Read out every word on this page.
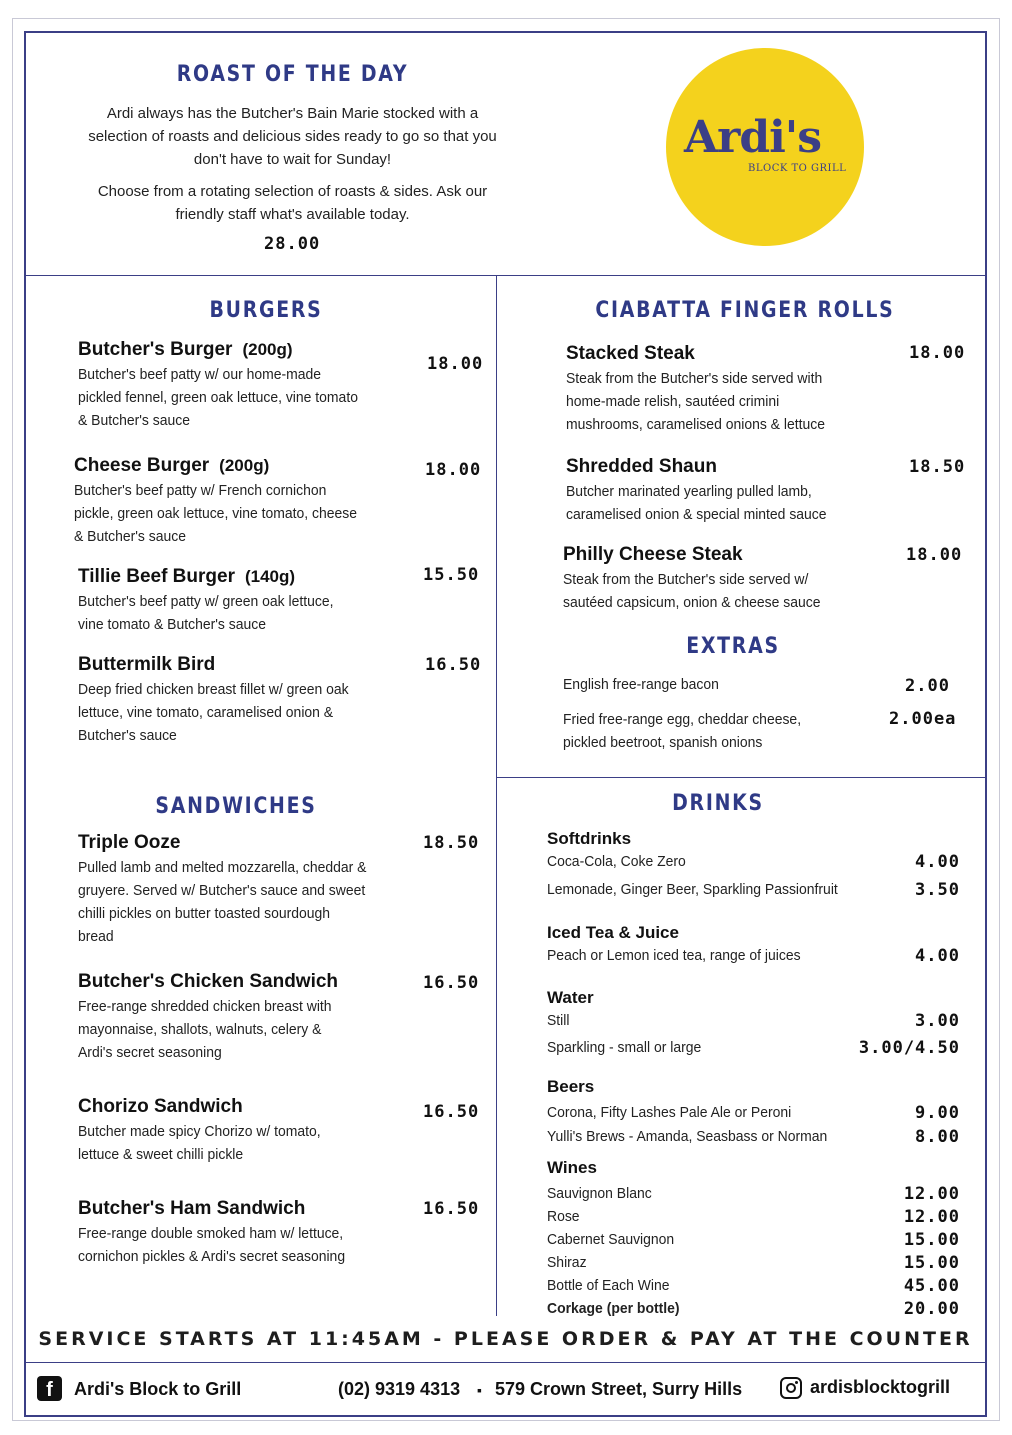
ROAST OF THE DAY
Ardi always has the Butcher's Bain Marie stocked with a
selection of roasts and delicious sides ready to go so that you
don't have to wait for Sunday!
Choose from a rotating selection of roasts & sides. Ask our
friendly staff what's available today.
28.00
Ardi's
BLOCK TO GRILL
BURGERS
Butcher's Burger (200g)
18.00
Butcher's beef patty w/ our home-made
pickled fennel, green oak lettuce, vine tomato
& Butcher's sauce
Cheese Burger (200g)	18.00
Butcher's beef patty w/ French cornichon
pickle, green oak lettuce, vine tomato, cheese
& Butcher's sauce
Tillie Beef Burger (140g)	15.50
Butcher's beef patty w/ green oak lettuce,
vine tomato & Butcher's sauce
Buttermilk Bird	16.50
Deep fried chicken breast fillet w/ green oak
lettuce, vine tomato, caramelised onion &
Butcher's sauce
SANDWICHES
Triple Ooze	18.50
Pulled lamb and melted mozzarella, cheddar &
gruyere. Served w/ Butcher's sauce and sweet
chilli pickles on butter toasted sourdough
bread
Butcher's Chicken Sandwich	16.50
Free-range shredded chicken breast with
mayonnaise, shallots, walnuts, celery &
Ardi's secret seasoning
Chorizo Sandwich	16.50
Butcher made spicy Chorizo w/ tomato,
lettuce & sweet chilli pickle
Butcher's Ham Sandwich	16.50
Free-range double smoked ham w/ lettuce,
cornichon pickles & Ardi's secret seasoning
CIABATTA FINGER ROLLS
Stacked Steak	18.00
Steak from the Butcher's side served with
home-made relish, sautéed crimini
mushrooms, caramelised onions & lettuce
Shredded Shaun	18.50
Butcher marinated yearling pulled lamb,
caramelised onion & special minted sauce
Philly Cheese Steak	18.00
Steak from the Butcher's side served w/
sautéed capsicum, onion & cheese sauce
EXTRAS
English free-range bacon	2.00
Fried free-range egg, cheddar cheese,
pickled beetroot, spanish onions
2.00ea
DRINKS
Softdrinks
Coca-Cola, Coke Zero	4.00
Lemonade, Ginger Beer, Sparkling Passionfruit	3.50
Iced Tea & Juice
Peach or Lemon iced tea, range of juices	4.00
Water
Still	3.00
Sparkling - small or large	3.00/4.50
Beers
Corona, Fifty Lashes Pale Ale or Peroni	9.00
Yulli's Brews - Amanda, Seasbass or Norman	8.00
Wines
Sauvignon Blanc	12.00
Rose	12.00
Cabernet Sauvignon	15.00
Shiraz	15.00
Bottle of Each Wine	45.00
Corkage (per bottle)	20.00
SERVICE STARTS AT 11:45AM - PLEASE ORDER & PAY AT THE COUNTER
f	Ardi's Block to Grill	(02) 9319 4313 ▪ 579 Crown Street, Surry Hills	ardisblocktogrill
